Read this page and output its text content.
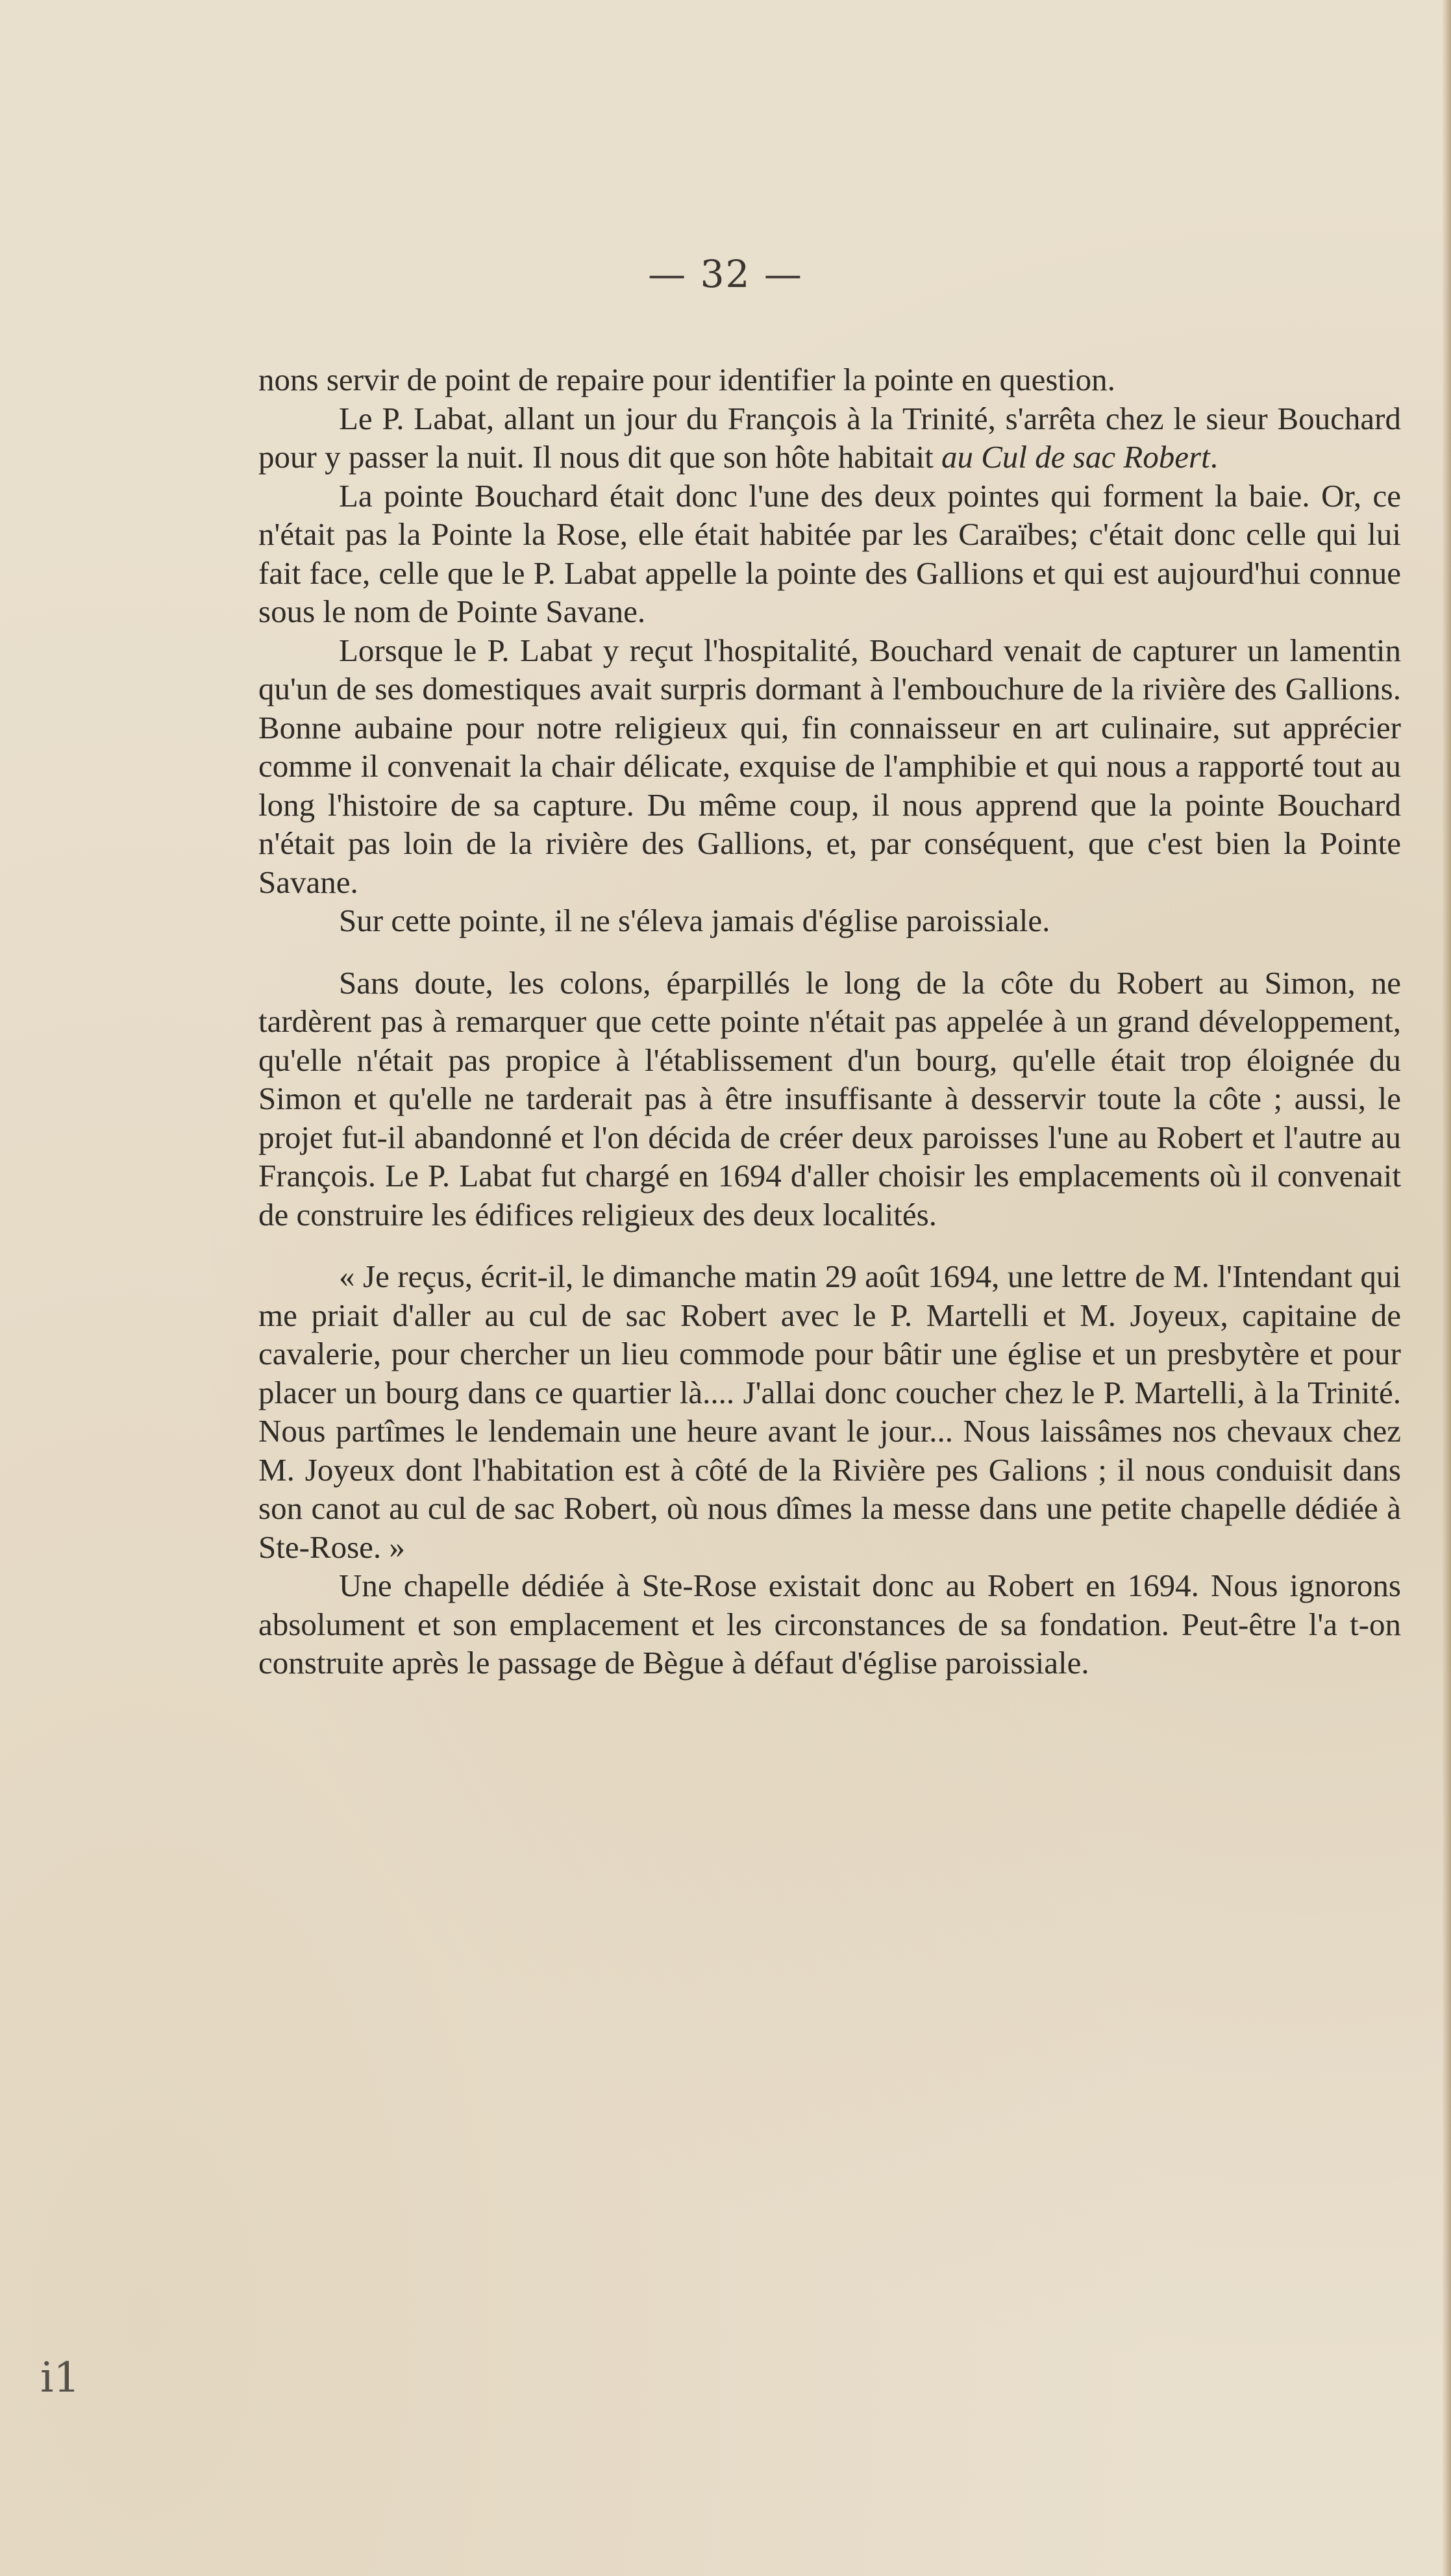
— 32 —

nons servir de point de repaire pour identifier la pointe en question.

Le P. Labat, allant un jour du François à la Trinité, s'arrêta chez le sieur Bouchard pour y passer la nuit. Il nous dit que son hôte habitait au Cul de sac Robert.

La pointe Bouchard était donc l'une des deux pointes qui forment la baie. Or, ce n'était pas la Pointe la Rose, elle était habitée par les Caraïbes; c'était donc celle qui lui fait face, celle que le P. Labat appelle la pointe des Gallions et qui est aujourd'hui connue sous le nom de Pointe Savane.

Lorsque le P. Labat y reçut l'hospitalité, Bouchard venait de capturer un lamentin qu'un de ses domestiques avait surpris dormant à l'embouchure de la rivière des Gallions. Bonne aubaine pour notre religieux qui, fin connaisseur en art culinaire, sut apprécier comme il convenait la chair délicate, exquise de l'amphibie et qui nous a rapporté tout au long l'histoire de sa capture. Du même coup, il nous apprend que la pointe Bouchard n'était pas loin de la rivière des Gallions, et, par conséquent, que c'est bien la Pointe Savane.

Sur cette pointe, il ne s'éleva jamais d'église paroissiale.

Sans doute, les colons, éparpillés le long de la côte du Robert au Simon, ne tardèrent pas à remarquer que cette pointe n'était pas appelée à un grand développement, qu'elle n'était pas propice à l'établissement d'un bourg, qu'elle était trop éloignée du Simon et qu'elle ne tarderait pas à être insuffisante à desservir toute la côte ; aussi, le projet fut-il abandonné et l'on décida de créer deux paroisses l'une au Robert et l'autre au François. Le P. Labat fut chargé en 1694 d'aller choisir les emplacements où il convenait de construire les édifices religieux des deux localités.

« Je reçus, écrit-il, le dimanche matin 29 août 1694, une lettre de M. l'Intendant qui me priait d'aller au cul de sac Robert avec le P. Martelli et M. Joyeux, capitaine de cavalerie, pour chercher un lieu commode pour bâtir une église et un presbytère et pour placer un bourg dans ce quartier là.... J'allai donc coucher chez le P. Martelli, à la Trinité. Nous partîmes le lendemain une heure avant le jour... Nous laissâmes nos chevaux chez M. Joyeux dont l'habitation est à côté de la Rivière pes Galions ; il nous conduisit dans son canot au cul de sac Robert, où nous dîmes la messe dans une petite chapelle dédiée à Ste-Rose. »

Une chapelle dédiée à Ste-Rose existait donc au Robert en 1694. Nous ignorons absolument et son emplacement et les circonstances de sa fondation. Peut-être l'a t-on construite après le passage de Bègue à défaut d'église paroissiale.

i1
